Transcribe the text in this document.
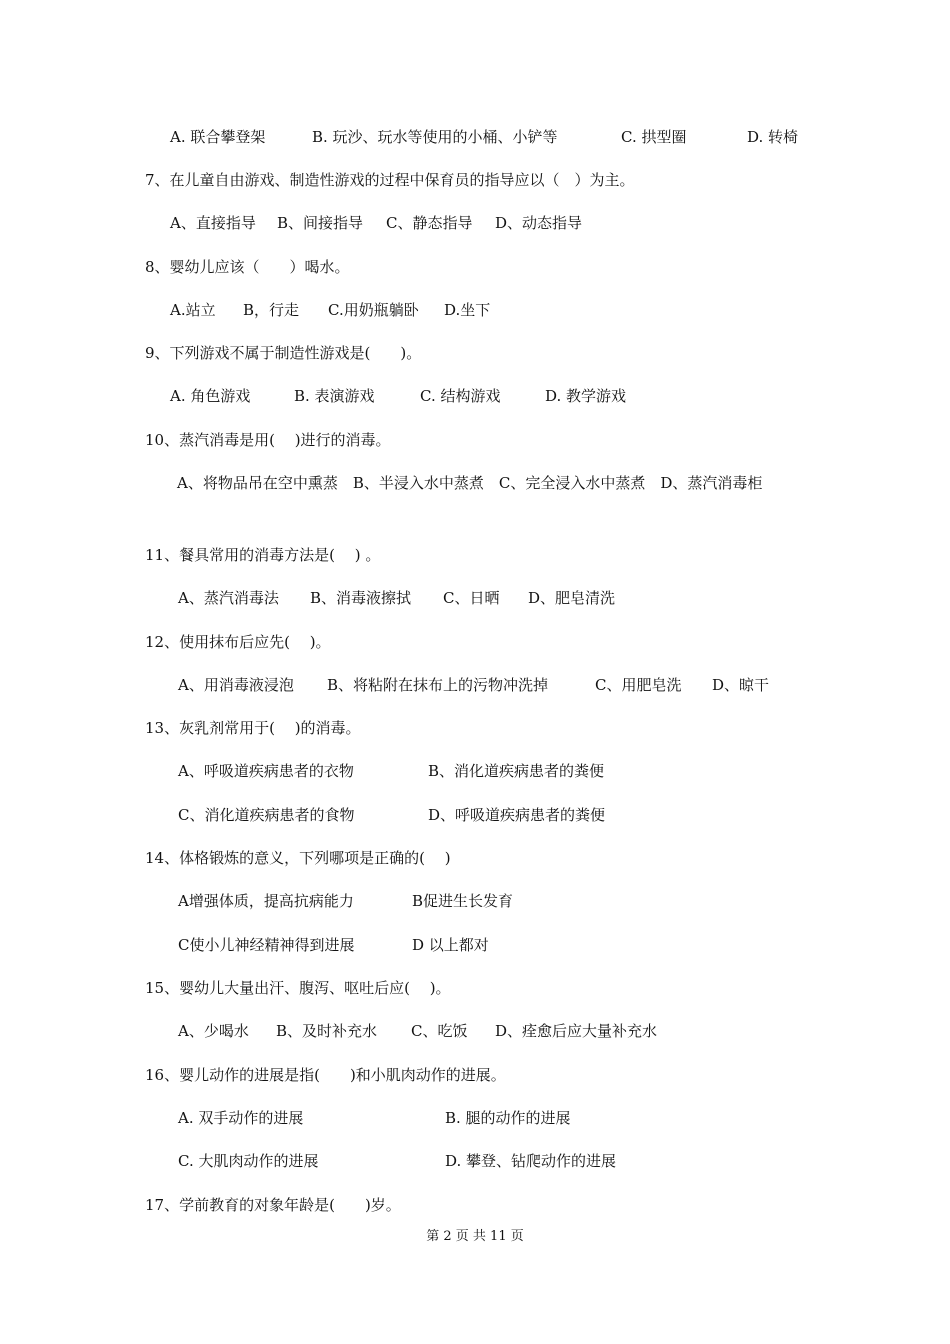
A. 联合攀登架	B. 玩沙、玩水等使用的小桶、小铲等	C. 拱型圈	D. 转椅
7、在儿童自由游戏、制造性游戏的过程中保育员的指导应以（　）为主。
A、直接指导 B、间接指导 C、静态指导 D、动态指导
8、婴幼儿应该（　　）喝水。
A.站立 B，行走 C.用奶瓶躺卧 D.坐下
9、下列游戏不属于制造性游戏是(　　)。
A. 角色游戏	B. 表演游戏	C. 结构游戏	D. 教学游戏
10、蒸汽消毒是用(　 )进行的消毒。
A、将物品吊在空中熏蒸　B、半浸入水中蒸煮　C、完全浸入水中蒸煮　D、蒸汽消毒柜
11、餐具常用的消毒方法是(　 ) 。
A、蒸汽消毒法 B、消毒液擦拭 C、日晒 D、肥皂清洗
12、使用抹布后应先(　 )。
A、用消毒液浸泡 B、将粘附在抹布上的污物冲洗掉	C、用肥皂洗 D、晾干
13、灰乳剂常用于(　 )的消毒。
A、呼吸道疾病患者的衣物	B、消化道疾病患者的粪便
C、消化道疾病患者的食物	D、呼吸道疾病患者的粪便
14、体格锻炼的意义，下列哪项是正确的(　 )
A增强体质，提高抗病能力	B促进生长发育
C使小儿神经精神得到进展	D 以上都对
15、婴幼儿大量出汗、腹泻、呕吐后应(　 )。
A、少喝水 B、及时补充水 C、吃饭 D、痊愈后应大量补充水
16、婴儿动作的进展是指(　　)和小肌肉动作的进展。
A. 双手动作的进展	B. 腿的动作的进展
C. 大肌肉动作的进展	D. 攀登、钻爬动作的进展
17、学前教育的对象年龄是(　　)岁。
第 2 页 共 11 页
